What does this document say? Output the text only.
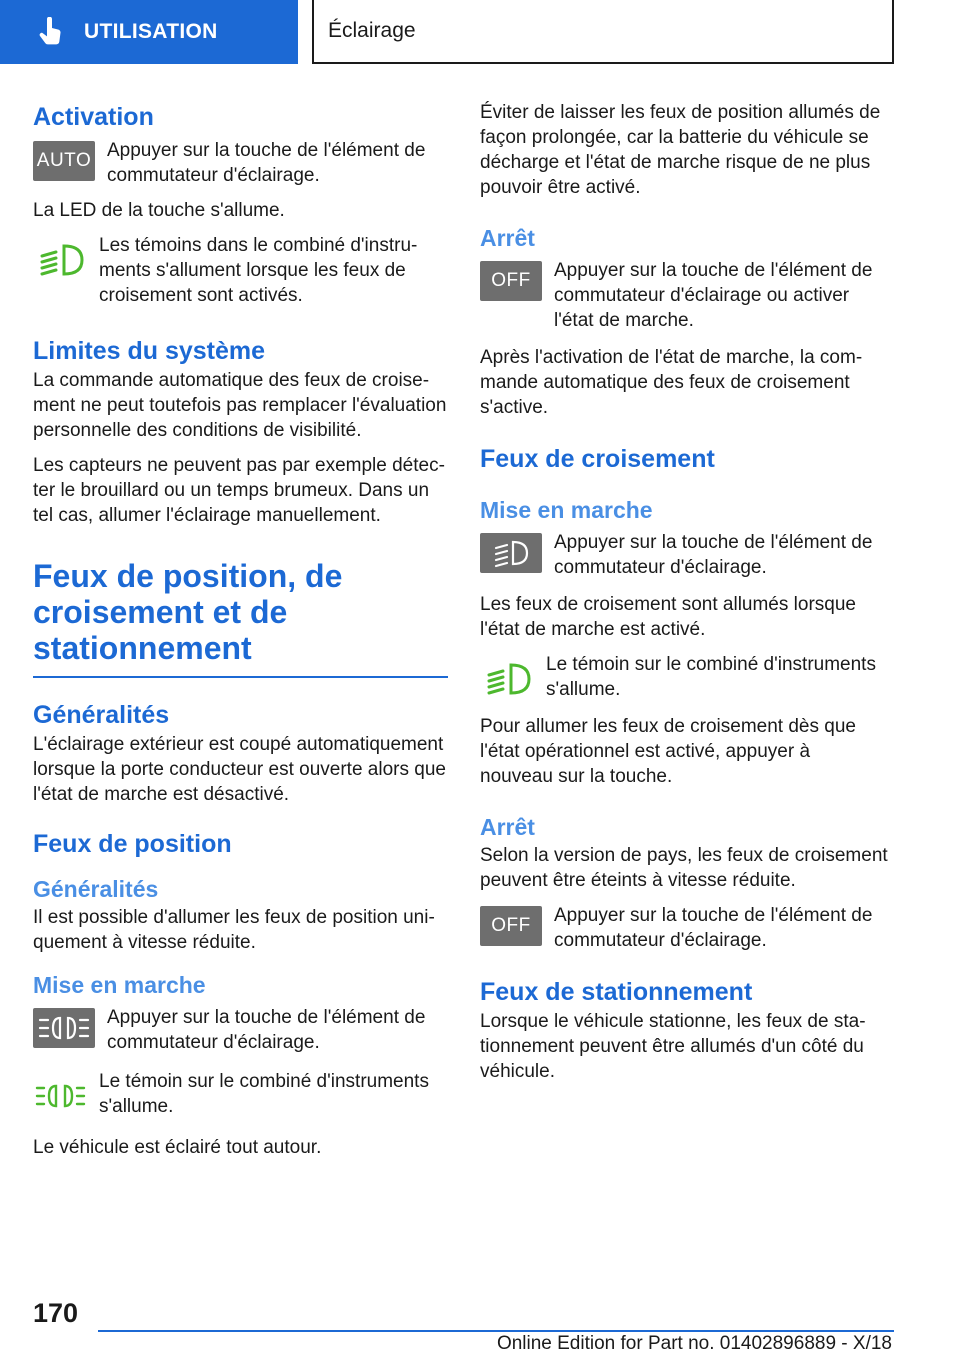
UTILISATION	Éclairage
Activation
AUTO Appuyer sur la touche de l'élément de commutateur d'éclairage.

La LED de la touche s'allume.

Les témoins dans le combiné d'instruments s'allument lorsque les feux de croisement sont activés.

Limites du système

La commande automatique des feux de croisement ne peut toutefois pas remplacer l'évaluation personnelle des conditions de visibilité.

Les capteurs ne peuvent pas par exemple détecter le brouillard ou un temps brumeux. Dans un tel cas, allumer l'éclairage manuellement.

Feux de position, de croisement et de stationnement
Généralités

L'éclairage extérieur est coupé automatiquement lorsque la porte conducteur est ouverte alors que l'état de marche est désactivé.

Feux de position
Généralités

Il est possible d'allumer les feux de position uniquement à vitesse réduite.

Mise en marche

Appuyer sur la touche de l'élément de commutateur d'éclairage.

Le témoin sur le combiné d'instruments s'allume.

Le véhicule est éclairé tout autour.

Éviter de laisser les feux de position allumés de façon prolongée, car la batterie du véhicule se décharge et l'état de marche risque de ne plus pouvoir être activé.

Arrêt
OFF	Appuyer sur la touche de l'élément de commutateur d'éclairage ou activer l'état de marche.

Après l'activation de l'état de marche, la commande automatique des feux de croisement s'active.

Feux de croisement
Mise en marche

Appuyer sur la touche de l'élément de commutateur d'éclairage.

Les feux de croisement sont allumés lorsque l'état de marche est activé.

Le témoin sur le combiné d'instruments s'allume.

Pour allumer les feux de croisement dès que l'état opérationnel est activé, appuyer à nouveau sur la touche.

Arrêt

Selon la version de pays, les feux de croisement peuvent être éteints à vitesse réduite.

OFF	Appuyer sur la touche de l'élément de commutateur d'éclairage.

Feux de stationnement

Lorsque le véhicule stationne, les feux de stationnement peuvent être allumés d'un côté du véhicule.

170
Online Edition for Part no. 01402896889 - X/18
